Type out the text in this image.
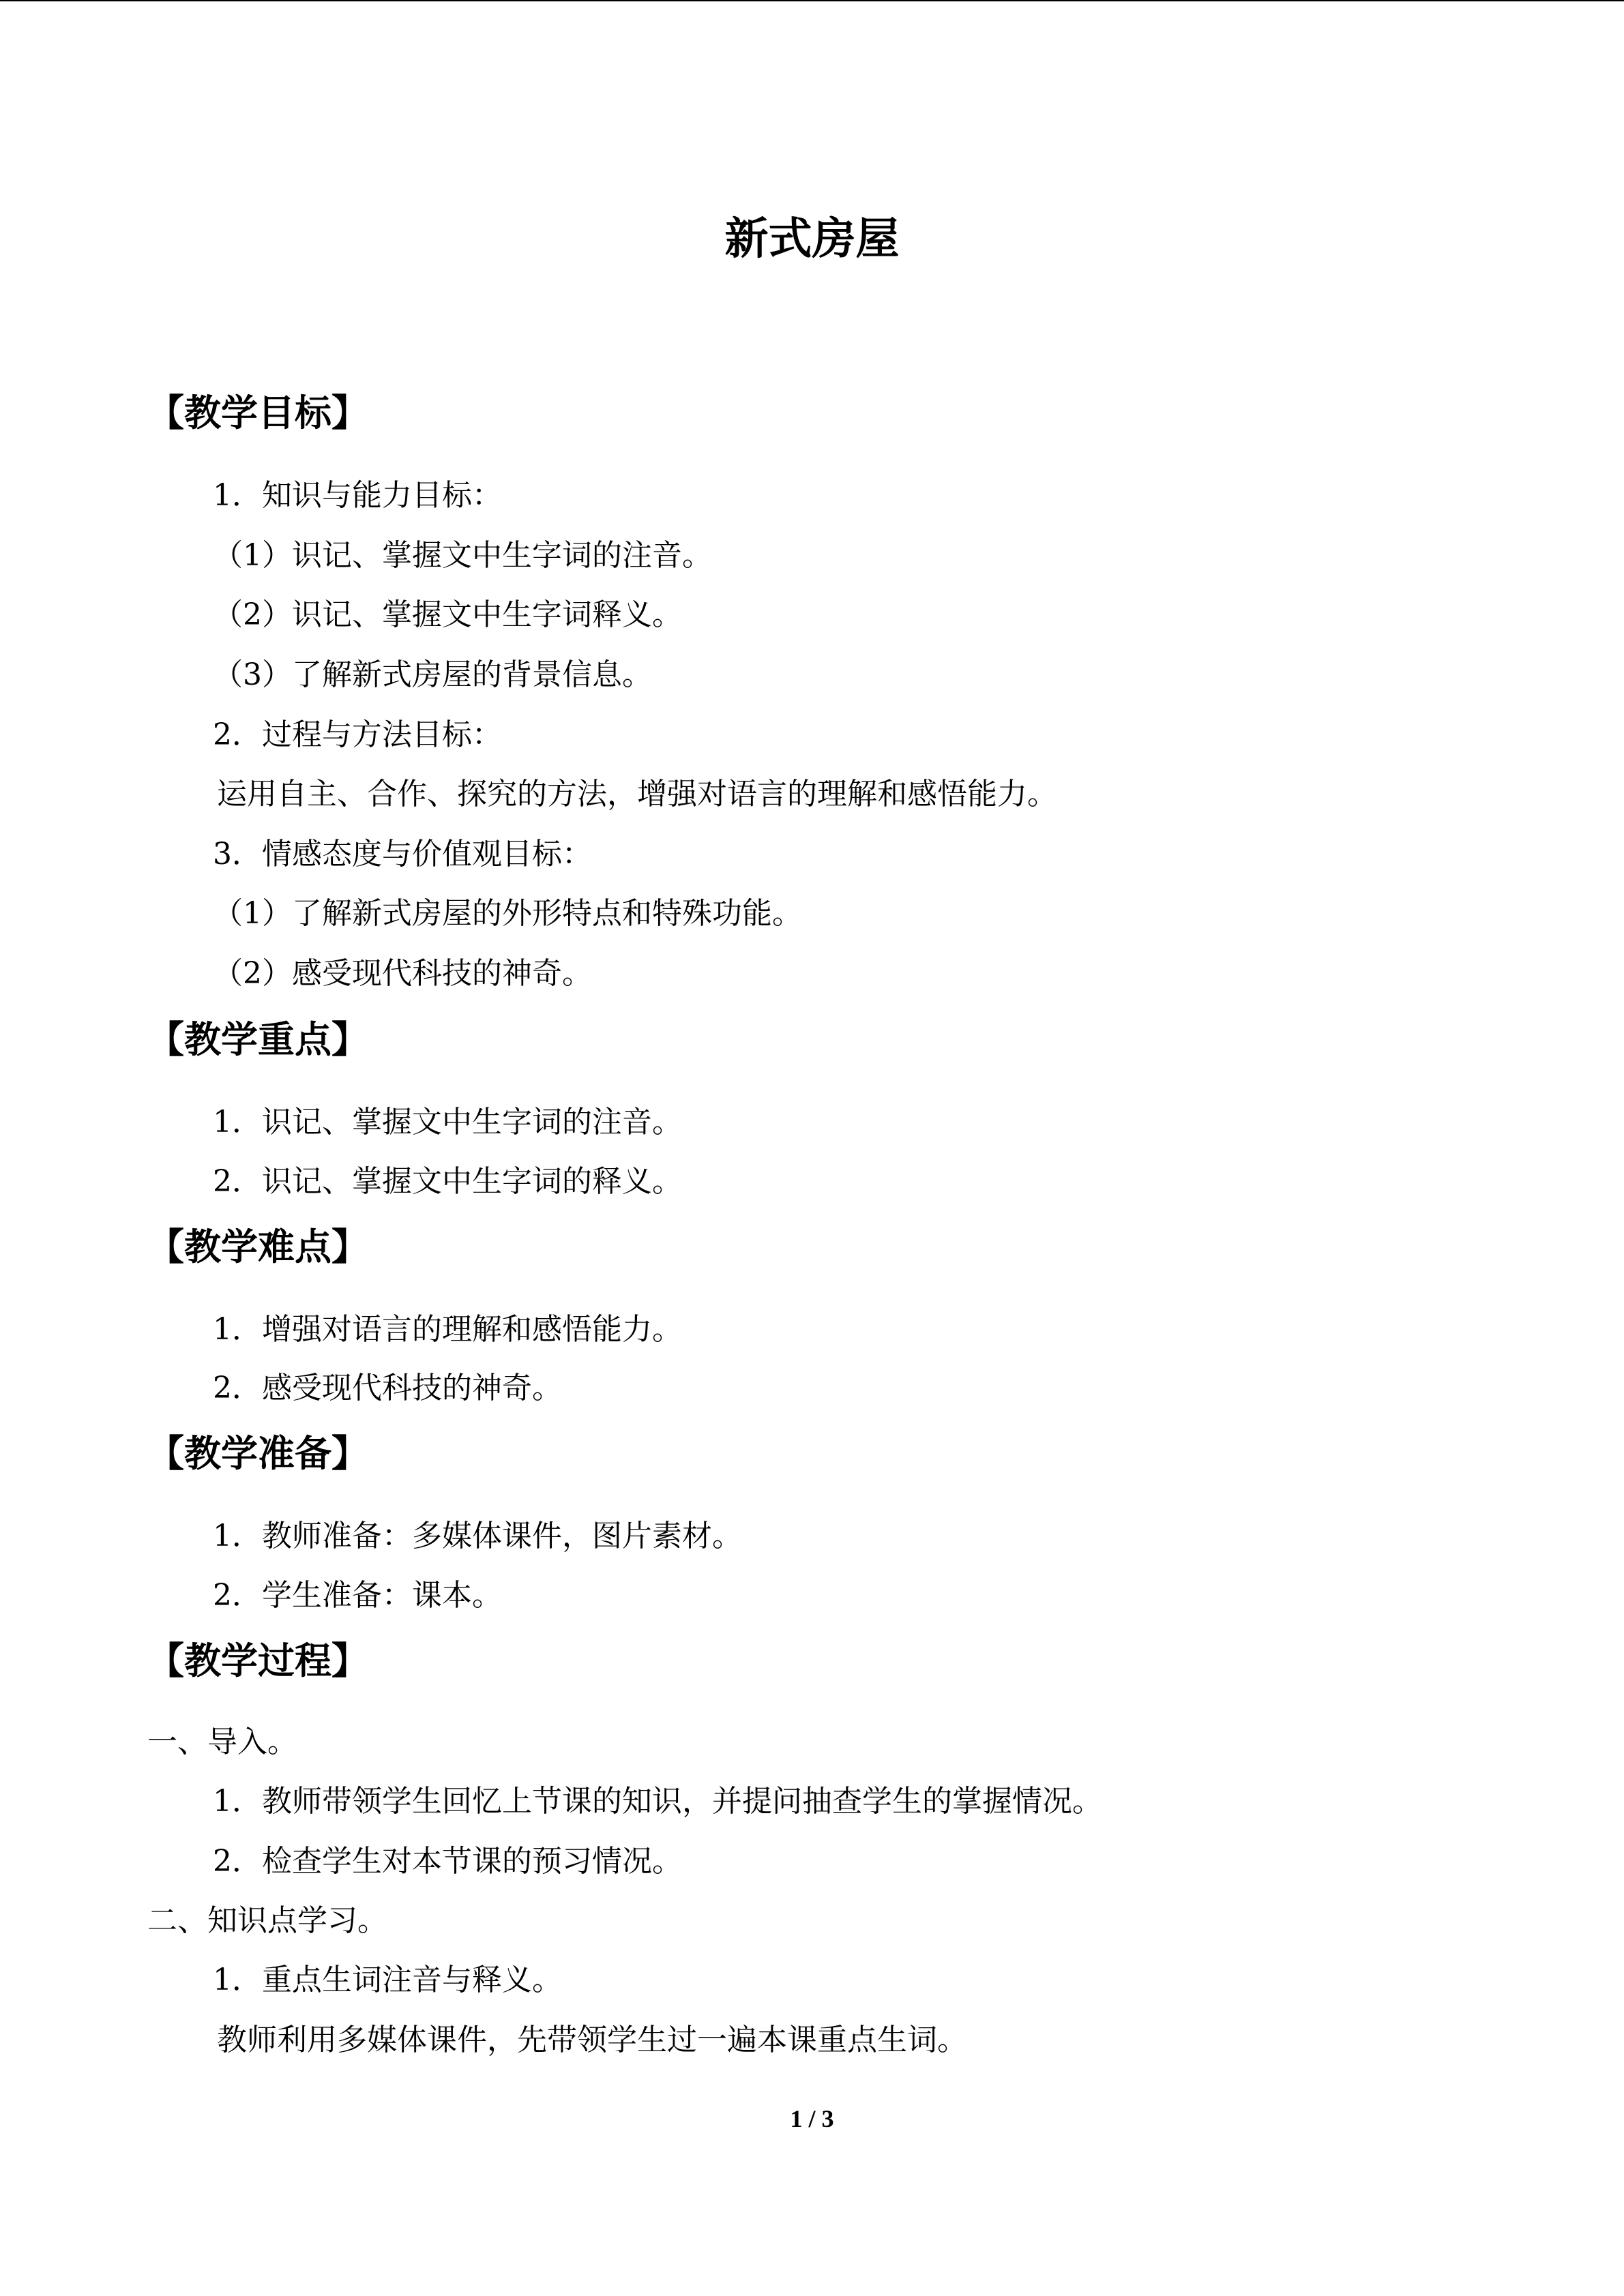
新式房屋
【教学目标】
1．知识与能力目标：
（1）识记、掌握文中生字词的注音。
（2）识记、掌握文中生字词释义。
（3）了解新式房屋的背景信息。
2．过程与方法目标：
运用自主、合作、探究的方法，增强对语言的理解和感悟能力。
3．情感态度与价值观目标：
（1）了解新式房屋的外形特点和特殊功能。
（2）感受现代科技的神奇。
【教学重点】
1．识记、掌握文中生字词的注音。
2．识记、掌握文中生字词的释义。
【教学难点】
1．增强对语言的理解和感悟能力。
2．感受现代科技的神奇。
【教学准备】
1．教师准备：多媒体课件，图片素材。
2．学生准备：课本。
【教学过程】
一、导入。
1．教师带领学生回忆上节课的知识，并提问抽查学生的掌握情况。
2．检查学生对本节课的预习情况。
二、知识点学习。
1．重点生词注音与释义。
教师利用多媒体课件，先带领学生过一遍本课重点生词。
1 / 3
